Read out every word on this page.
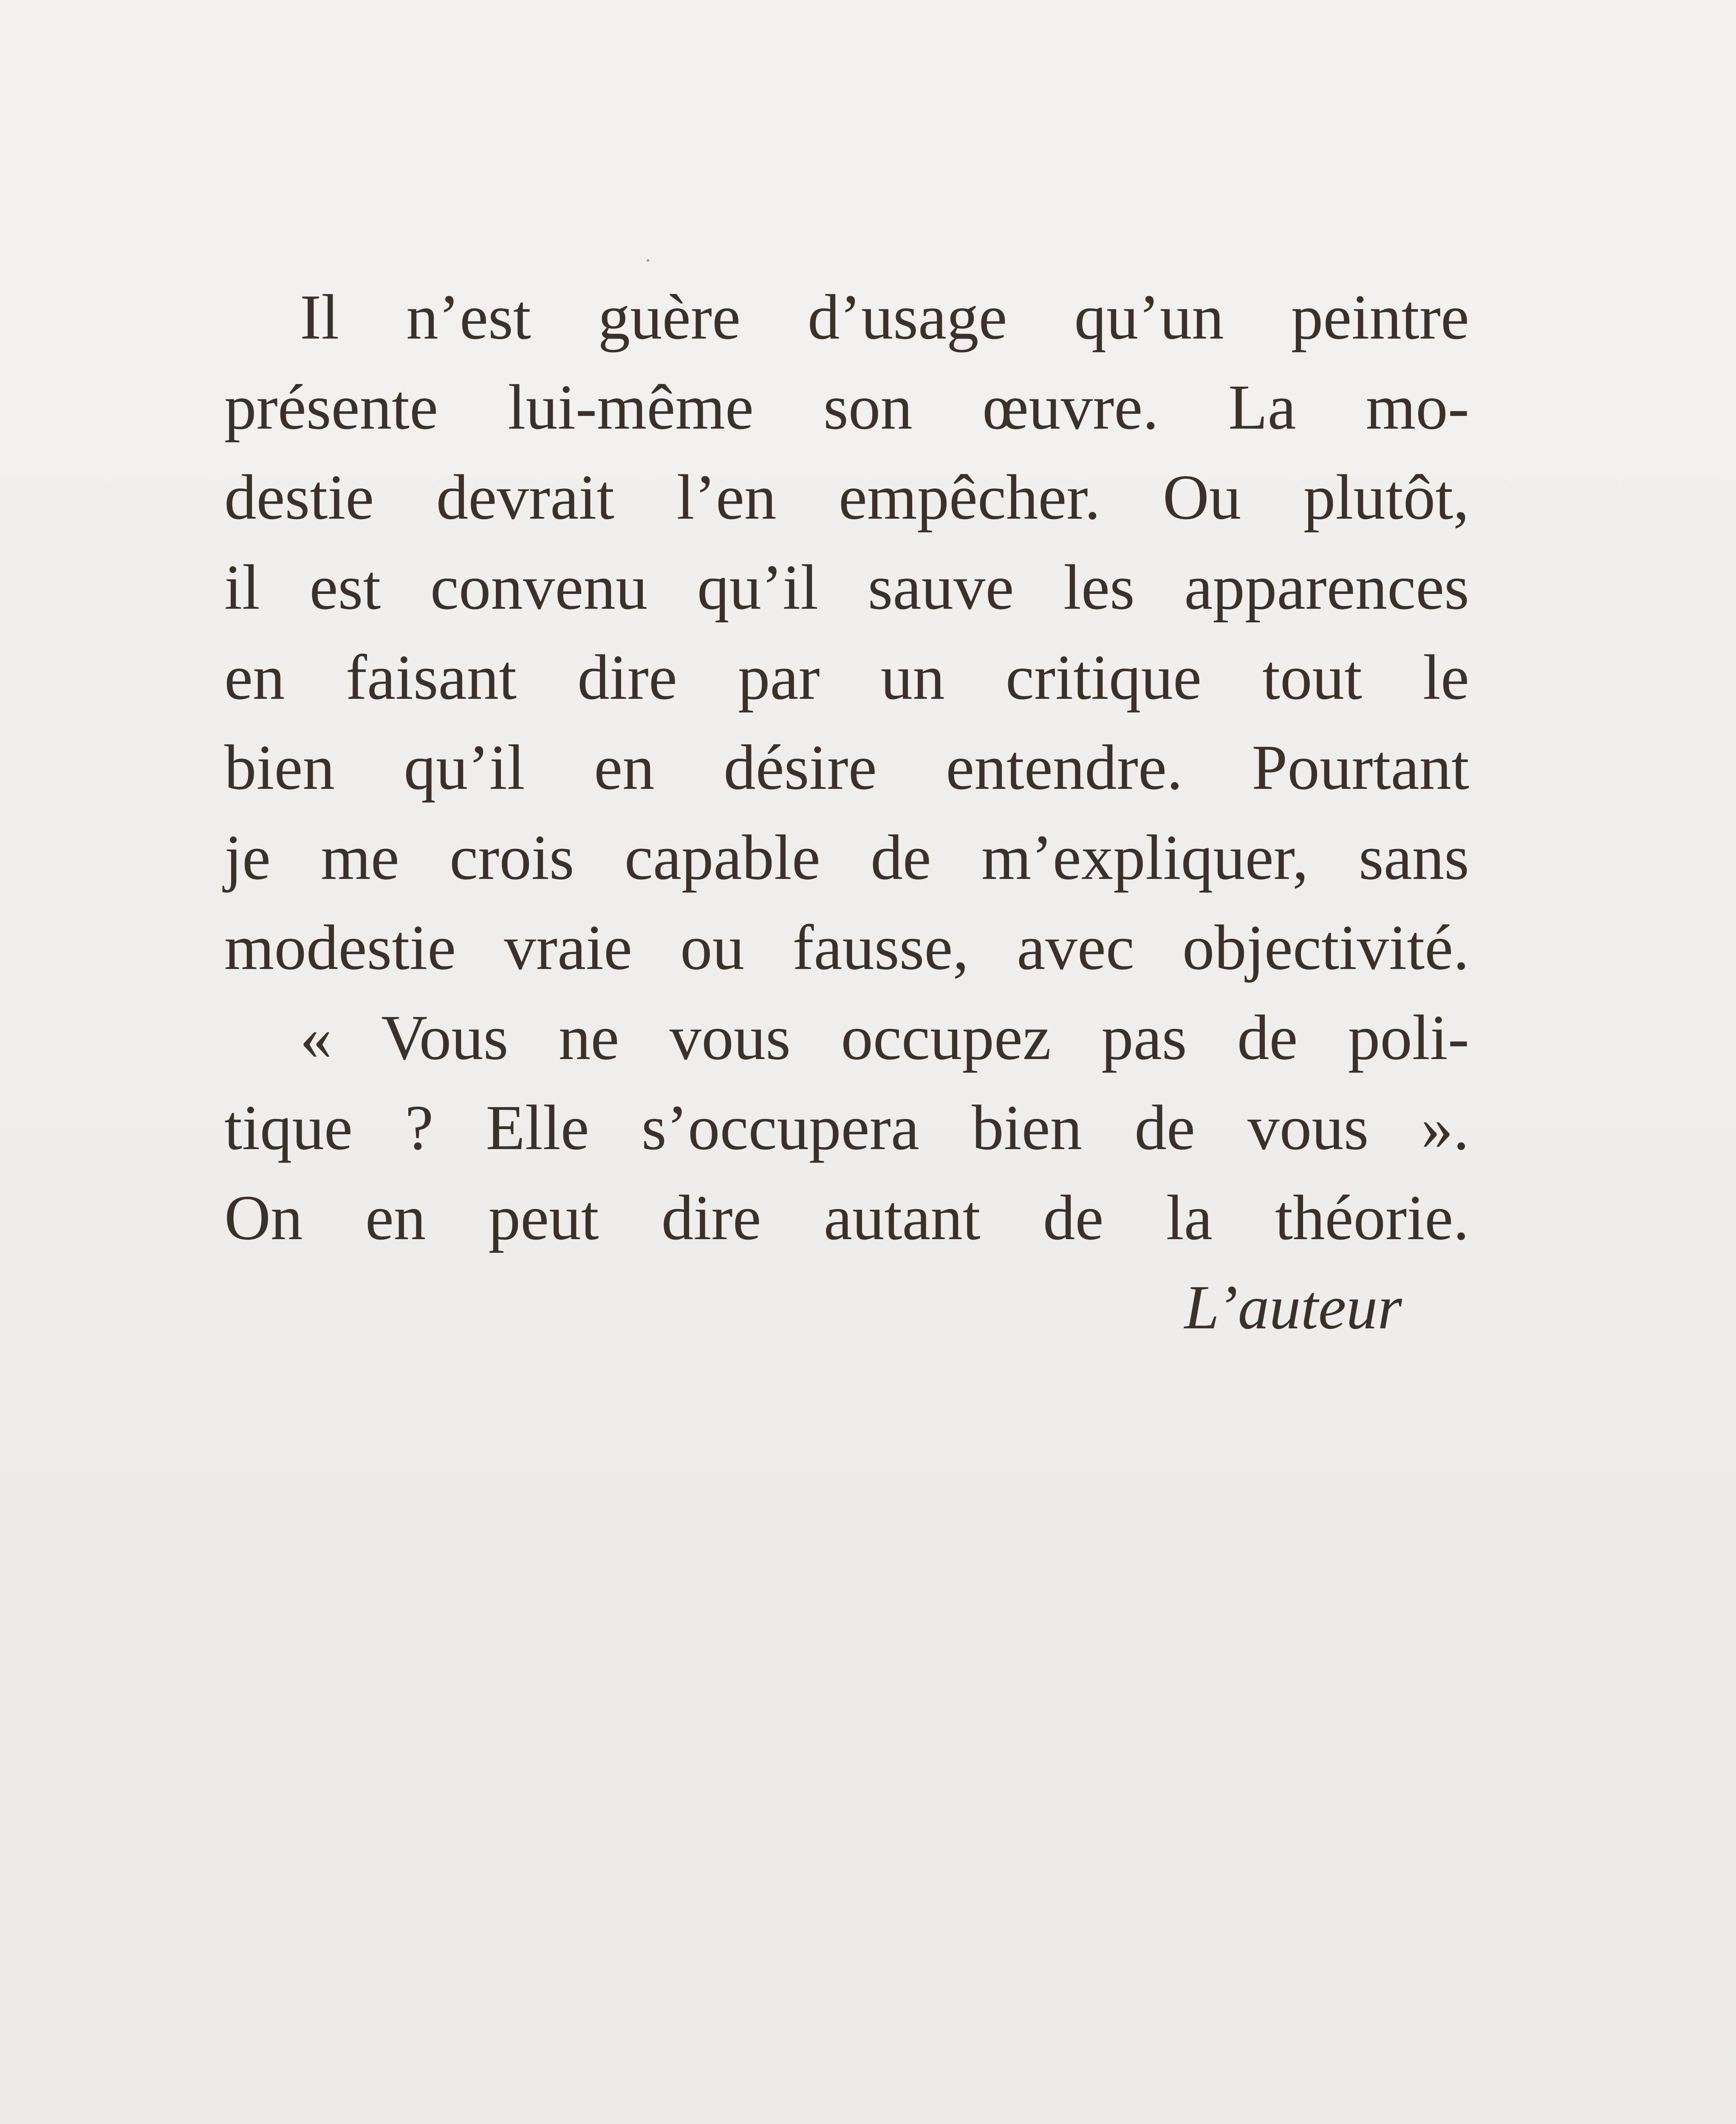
Il n’est guère d’usage qu’un peintre
présente lui-même son œuvre. La mo-
destie devrait l’en empêcher. Ou plutôt,
il est convenu qu’il sauve les apparences
en faisant dire par un critique tout le
bien qu’il en désire entendre. Pourtant
je me crois capable de m’expliquer, sans
modestie vraie ou fausse, avec objectivité.
« Vous ne vous occupez pas de poli-
tique ? Elle s’occupera bien de vous ».
On en peut dire autant de la théorie.
L’auteur
